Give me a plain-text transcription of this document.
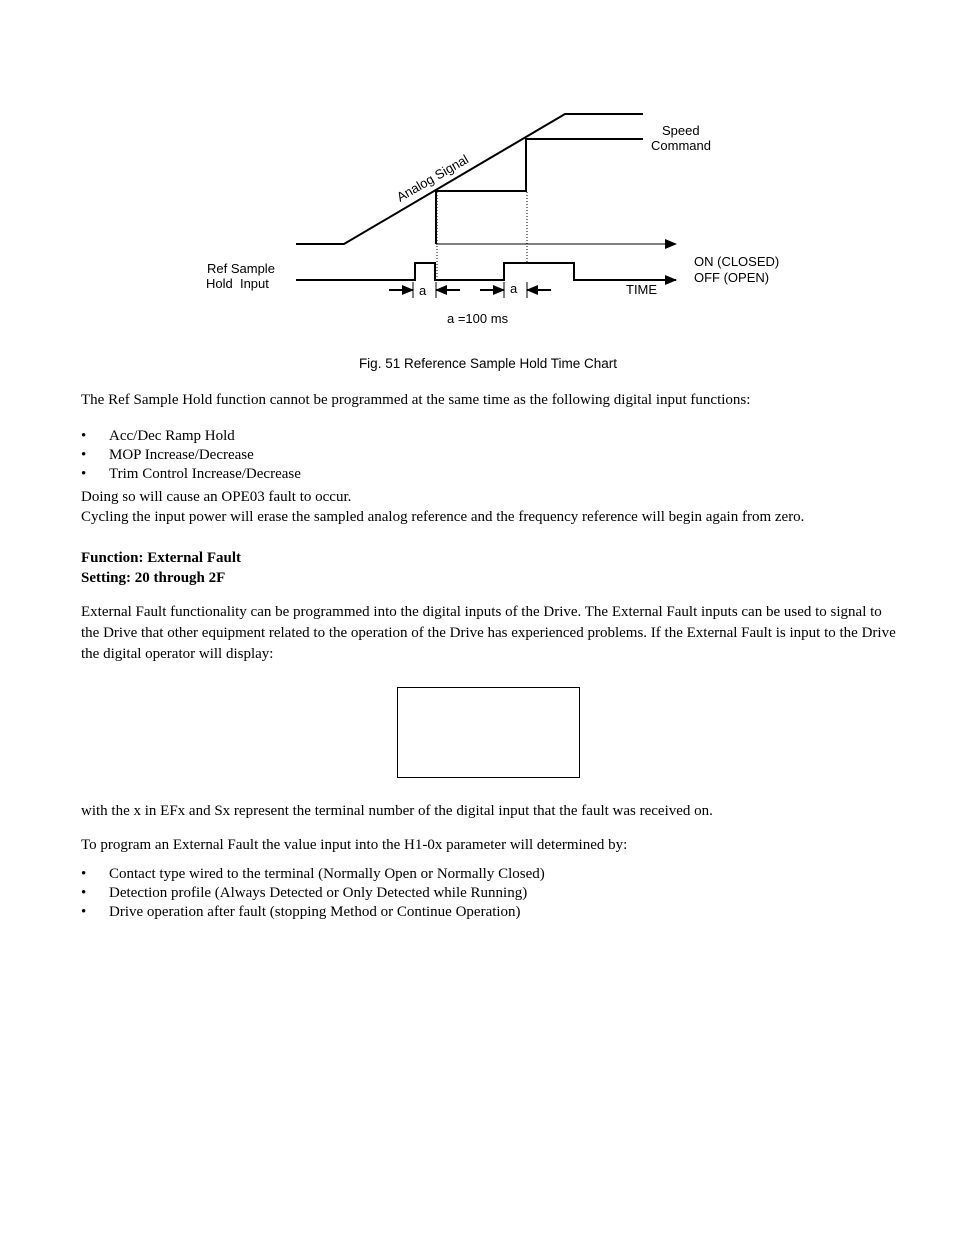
Analog Signal
Speed
Command
Ref Sample
Hold  Input
ON (CLOSED)
OFF (OPEN)
TIME
a	a
a =100 ms
Fig. 51 Reference Sample Hold Time Chart
The Ref Sample Hold function cannot be programmed at the same time as the following digital input functions:
• Acc/Dec Ramp Hold
• MOP Increase/Decrease
• Trim Control Increase/Decrease
Doing so will cause an OPE03 fault to occur.
Cycling the input power will erase the sampled analog reference and the frequency reference will begin again from zero.
Function: External Fault
Setting: 20 through 2F
External Fault functionality can be programmed into the digital inputs of the Drive. The External Fault inputs can be used to signal to the Drive that other equipment related to the operation of the Drive has experienced problems. If the External Fault is input to the Drive the digital operator will display:
with the x in EFx and Sx represent the terminal number of the digital input that the fault was received on.
To program an External Fault the value input into the H1-0x parameter will determined by:
• Contact type wired to the terminal (Normally Open or Normally Closed)
• Detection profile (Always Detected or Only Detected while Running)
• Drive operation after fault (stopping Method or Continue Operation)
